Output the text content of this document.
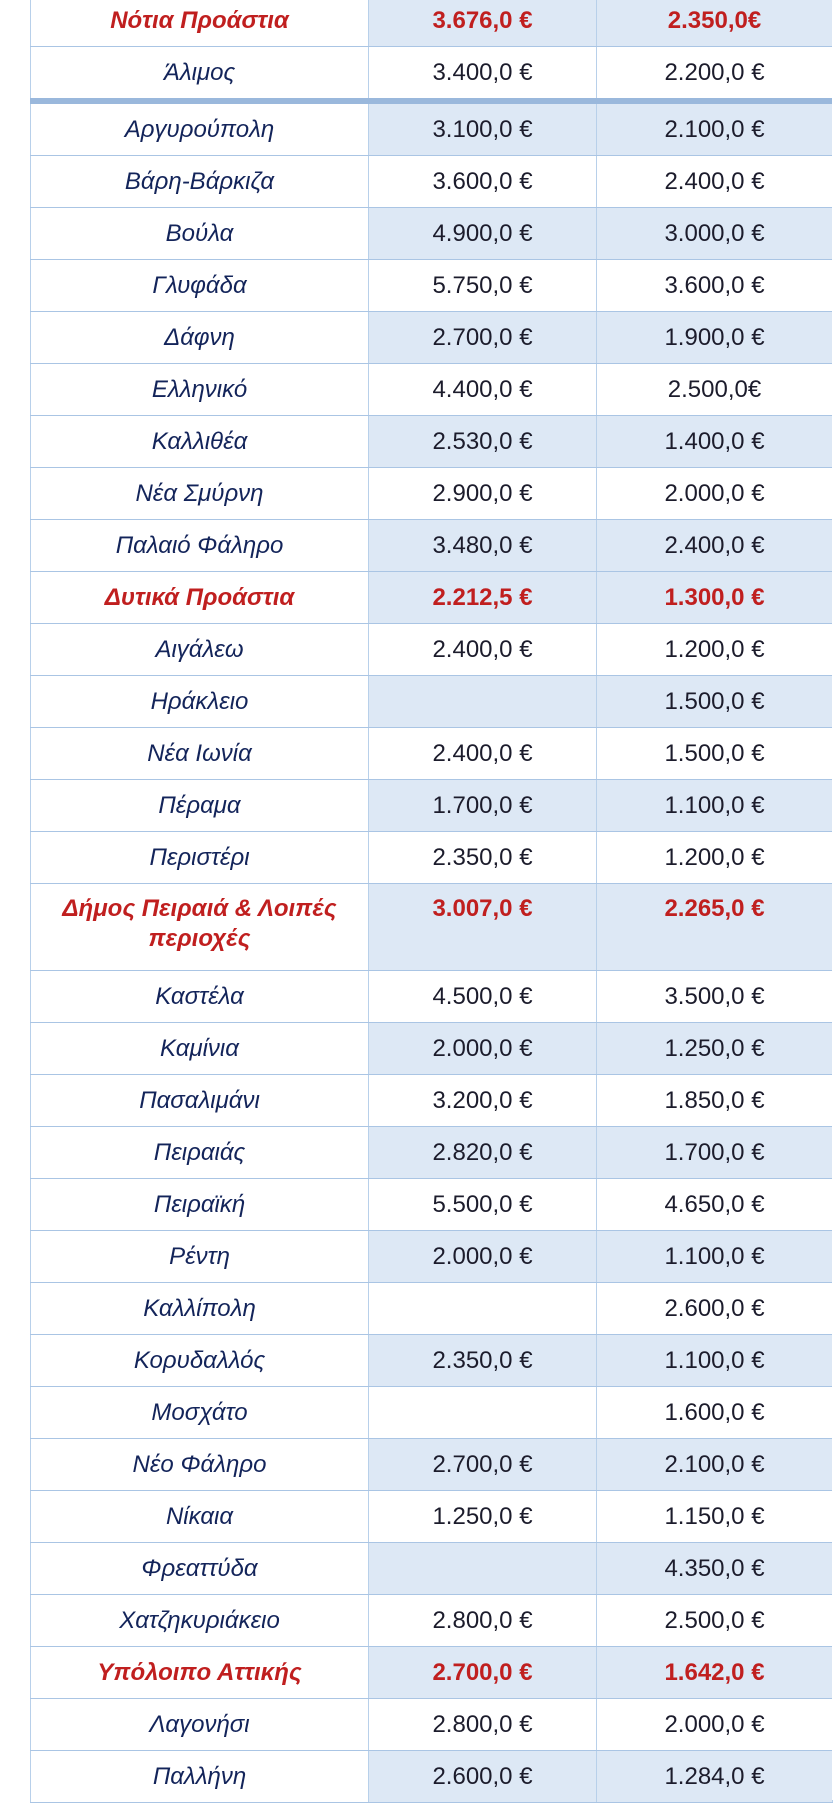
Νότια Προάστια	3.676,0 €	2.350,0€
Άλιμος	3.400,0 €	2.200,0 €
Αργυρούπολη	3.100,0 €	2.100,0 €
Βάρη-Βάρκιζα	3.600,0 €	2.400,0 €
Βούλα	4.900,0 €	3.000,0 €
Γλυφάδα	5.750,0 €	3.600,0 €
Δάφνη	2.700,0 €	1.900,0 €
Ελληνικό	4.400,0 €	2.500,0€
Καλλιθέα	2.530,0 €	1.400,0 €
Νέα Σμύρνη	2.900,0 €	2.000,0 €
Παλαιό Φάληρο	3.480,0 €	2.400,0 €
Δυτικά Προάστια	2.212,5 €	1.300,0 €
Αιγάλεω	2.400,0 €	1.200,0 €
Ηράκλειο		1.500,0 €
Νέα Ιωνία	2.400,0 €	1.500,0 €
Πέραμα	1.700,0 €	1.100,0 €
Περιστέρι	2.350,0 €	1.200,0 €

Δήμος Πειραιά & Λοιπές
περιοχές	3.007,0 €	2.265,0 €
Καστέλα	4.500,0 €	3.500,0 €
Καμίνια	2.000,0 €	1.250,0 €
Πασαλιμάνι	3.200,0 €	1.850,0 €
Πειραιάς	2.820,0 €	1.700,0 €
Πειραϊκή	5.500,0 €	4.650,0 €
Ρέντη	2.000,0 €	1.100,0 €
Καλλίπολη		2.600,0 €
Κορυδαλλός	2.350,0 €	1.100,0 €
Μοσχάτο		1.600,0 €
Νέο Φάληρο	2.700,0 €	2.100,0 €
Νίκαια	1.250,0 €	1.150,0 €
Φρεαττύδα		4.350,0 €
Χατζηκυριάκειο	2.800,0 €	2.500,0 €
Υπόλοιπο Αττικής	2.700,0 €	1.642,0 €
Λαγονήσι	2.800,0 €	2.000,0 €
Παλλήνη	2.600,0 €	1.284,0 €
